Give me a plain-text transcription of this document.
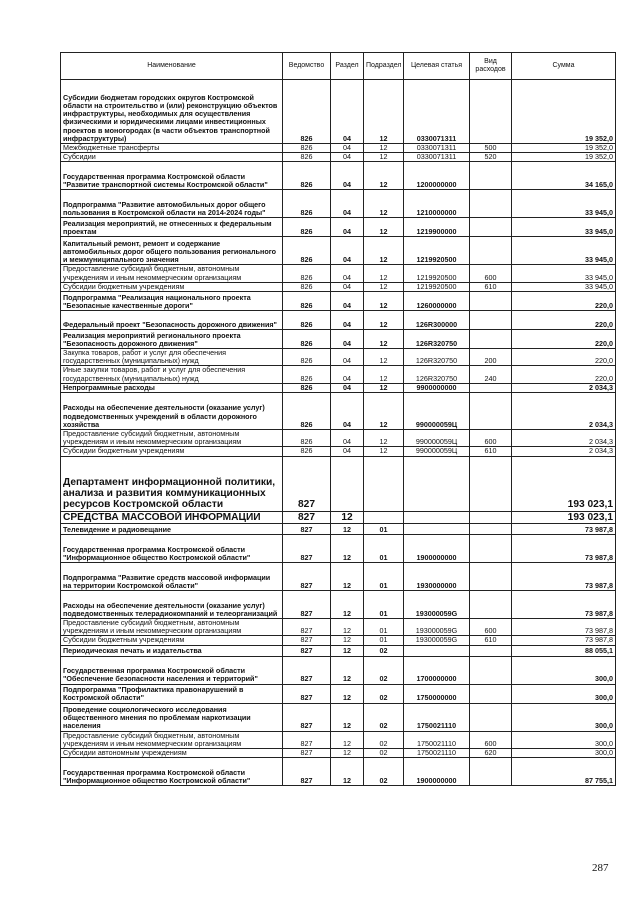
Наименование	Ведомство	Раздел	Подраздел	Целевая статья	Вид расходов	Сумма
Субсидии бюджетам городских округов Костромской области на строительство и (или) реконструкцию объектов инфраструктуры, необходимых для осуществления физическими и юридическими лицами инвестиционных проектов в моногородах (в части объектов транспортной инфраструктуры)	826	04	12	0330071311		19 352,0
Межбюджетные трансферты	826	04	12	0330071311	500	19 352,0
Субсидии	826	04	12	0330071311	520	19 352,0
Государственная программа Костромской области "Развитие транспортной системы Костромской области"	826	04	12	1200000000		34 165,0
Подпрограмма "Развитие автомобильных дорог общего пользования в Костромской области на 2014-2024 годы"	826	04	12	1210000000		33 945,0
Реализация мероприятий, не отнесенных к федеральным проектам	826	04	12	1219900000		33 945,0
Капитальный ремонт, ремонт и содержание автомобильных дорог общего пользования регионального и межмуниципального значения	826	04	12	1219920500		33 945,0
Предоставление субсидий бюджетным, автономным учреждениям и иным некоммерческим организациям	826	04	12	1219920500	600	33 945,0
Субсидии бюджетным учреждениям	826	04	12	1219920500	610	33 945,0
Подпрограмма "Реализация национального проекта "Безопасные качественные дороги"	826	04	12	1260000000		220,0
Федеральный проект "Безопасность дорожного движения"	826	04	12	126R300000		220,0
Реализация мероприятий регионального проекта "Безопасность дорожного движения"	826	04	12	126R320750		220,0
Закупка товаров, работ и услуг для обеспечения государственных (муниципальных) нужд	826	04	12	126R320750	200	220,0
Иные закупки товаров, работ и услуг для обеспечения государственных (муниципальных) нужд	826	04	12	126R320750	240	220,0
Непрограммные расходы	826	04	12	9900000000		2 034,3
Расходы на обеспечение деятельности (оказание услуг) подведомственных учреждений в области дорожного хозяйства	826	04	12	990000059Ц		2 034,3
Предоставление субсидий бюджетным, автономным учреждениям и иным некоммерческим организациям	826	04	12	990000059Ц	600	2 034,3
Субсидии бюджетным учреждениям	826	04	12	990000059Ц	610	2 034,3
Департамент информационной политики, анализа и развития коммуникационных ресурсов Костромской области	827					193 023,1
СРЕДСТВА МАССОВОЙ ИНФОРМАЦИИ	827	12				193 023,1
Телевидение и радиовещание	827	12	01			73 987,8
Государственная программа Костромской области "Информационное общество Костромской области"	827	12	01	1900000000		73 987,8
Подпрограмма "Развитие средств массовой информации на территории Костромской области"	827	12	01	1930000000		73 987,8
Расходы на обеспечение деятельности (оказание услуг) подведомственных телерадиокомпаний и телеорганизаций	827	12	01	193000059G		73 987,8
Предоставление субсидий бюджетным, автономным учреждениям и иным некоммерческим организациям	827	12	01	193000059G	600	73 987,8
Субсидии бюджетным учреждениям	827	12	01	193000059G	610	73 987,8
Периодическая печать и издательства	827	12	02			88 055,1
Государственная программа Костромской области "Обеспечение безопасности населения и территорий"	827	12	02	1700000000		300,0
Подпрограмма "Профилактика правонарушений в Костромской области"	827	12	02	1750000000		300,0
Проведение социологического исследования общественного мнения по проблемам наркотизации населения	827	12	02	1750021110		300,0
Предоставление субсидий бюджетным, автономным учреждениям и иным некоммерческим организациям	827	12	02	1750021110	600	300,0
Субсидии автономным учреждениям	827	12	02	1750021110	620	300,0
Государственная программа Костромской области "Информационное общество Костромской области"	827	12	02	1900000000		87 755,1
287
